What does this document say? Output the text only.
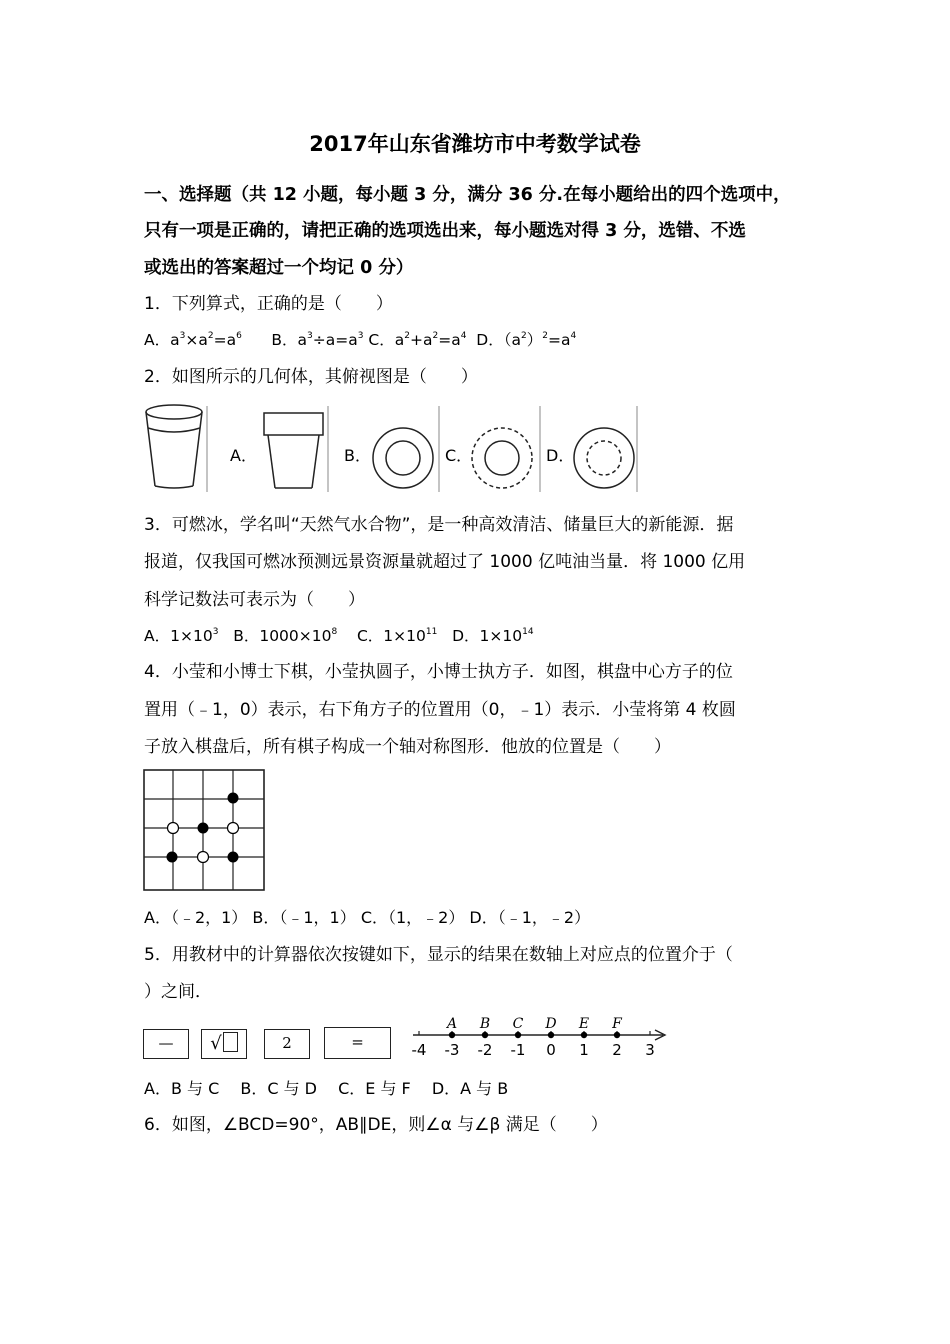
2017年山东省潍坊市中考数学试卷
一、选择题（共 12 小题，每小题 3 分，满分 36 分.在每小题给出的四个选项中，
只有一项是正确的，请把正确的选项选出来，每小题选对得 3 分，选错、不选
或选出的答案超过一个均记 0 分）
1．下列算式，正确的是（　　）
A．$a^3\times a^2=a^6$ B．$a^3\div a=a^3$ C．$a^2+a^2=a^4$ D．$(a^2)^2=a^4$
2．如图所示的几何体，其俯视图是（　　）
A．	B．	C．	D．
3．可燃冰，学名叫“天然气水合物”，是一种高效清洁、储量巨大的新能源．据
报道，仅我国可燃冰预测远景资源量就超过了 1000 亿吨油当量．将 1000 亿用
科学记数法可表示为（　　）
A．$1\times 10^3$ B．$1000\times 10^8$ C．$1\times 10^{11}$ D．$1\times 10^{14}$
4．小莹和小博士下棋，小莹执圆子，小博士执方子．如图，棋盘中心方子的位
置用（﹣1，0）表示，右下角方子的位置用（0，﹣1）表示．小莹将第 4 枚圆
子放入棋盘后，所有棋子构成一个轴对称图形．他放的位置是（　　）
A．（﹣2，1） B．（﹣1，1） C．（1，﹣2） D．（﹣1，﹣2）
5．用教材中的计算器依次按键如下，显示的结果在数轴上对应点的位置介于（
）之间．
—	√	2	=	-4 -3 -2 -1 0 1 2 3
A B C D E F
A．B 与 C　 B．C 与 D　 C．E 与 F　 D．A 与 B
6．如图，∠BCD=90°，AB∥DE，则∠α 与∠β 满足（　　）
